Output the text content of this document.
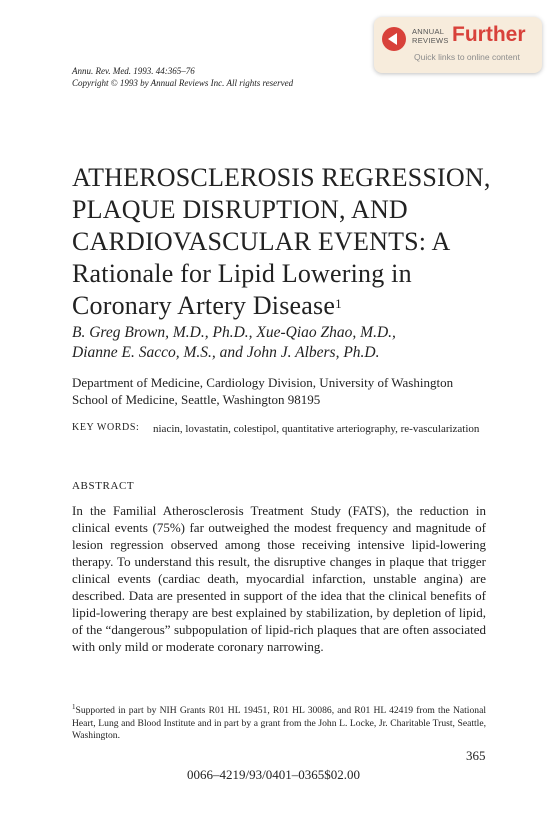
ANNUAL
REVIEWS Further
Quick links to online content
Annu. Rev. Med. 1993. 44:365–76
Copyright © 1993 by Annual Reviews Inc. All rights reserved
ATHEROSCLEROSIS REGRESSION,
PLAQUE DISRUPTION, AND
CARDIOVASCULAR EVENTS: A
Rationale for Lipid Lowering in
Coronary Artery Disease$^1$
B. Greg Brown, M.D., Ph.D., Xue-Qiao Zhao, M.D.,
Dianne E. Sacco, M.S., and John J. Albers, Ph.D.
Department of Medicine, Cardiology Division, University of Washington
School of Medicine, Seattle, Washington 98195
KEY WORDS: niacin, lovastatin, colestipol, quantitative arteriography, re-vascularization
ABSTRACT
In the Familial Atherosclerosis Treatment Study (FATS), the reduction in clinical events (75%) far outweighed the modest frequency and magnitude of lesion regression observed among those receiving intensive lipid-lowering therapy. To understand this result, the disruptive changes in plaque that trigger clinical events (cardiac death, myocardial infarction, unstable angina) are described. Data are presented in support of the idea that the clinical benefits of lipid-lowering therapy are best explained by stabilization, by depletion of lipid, of the “dangerous” subpopulation of lipid-rich plaques that are often associated with only mild or moderate coronary narrowing.
$^1$Supported in part by NIH Grants R01 HL 19451, R01 HL 30086, and R01 HL 42419 from the National Heart, Lung and Blood Institute and in part by a grant from the John L. Locke, Jr. Charitable Trust, Seattle, Washington.
365
0066–4219/93/0401–0365$02.00
